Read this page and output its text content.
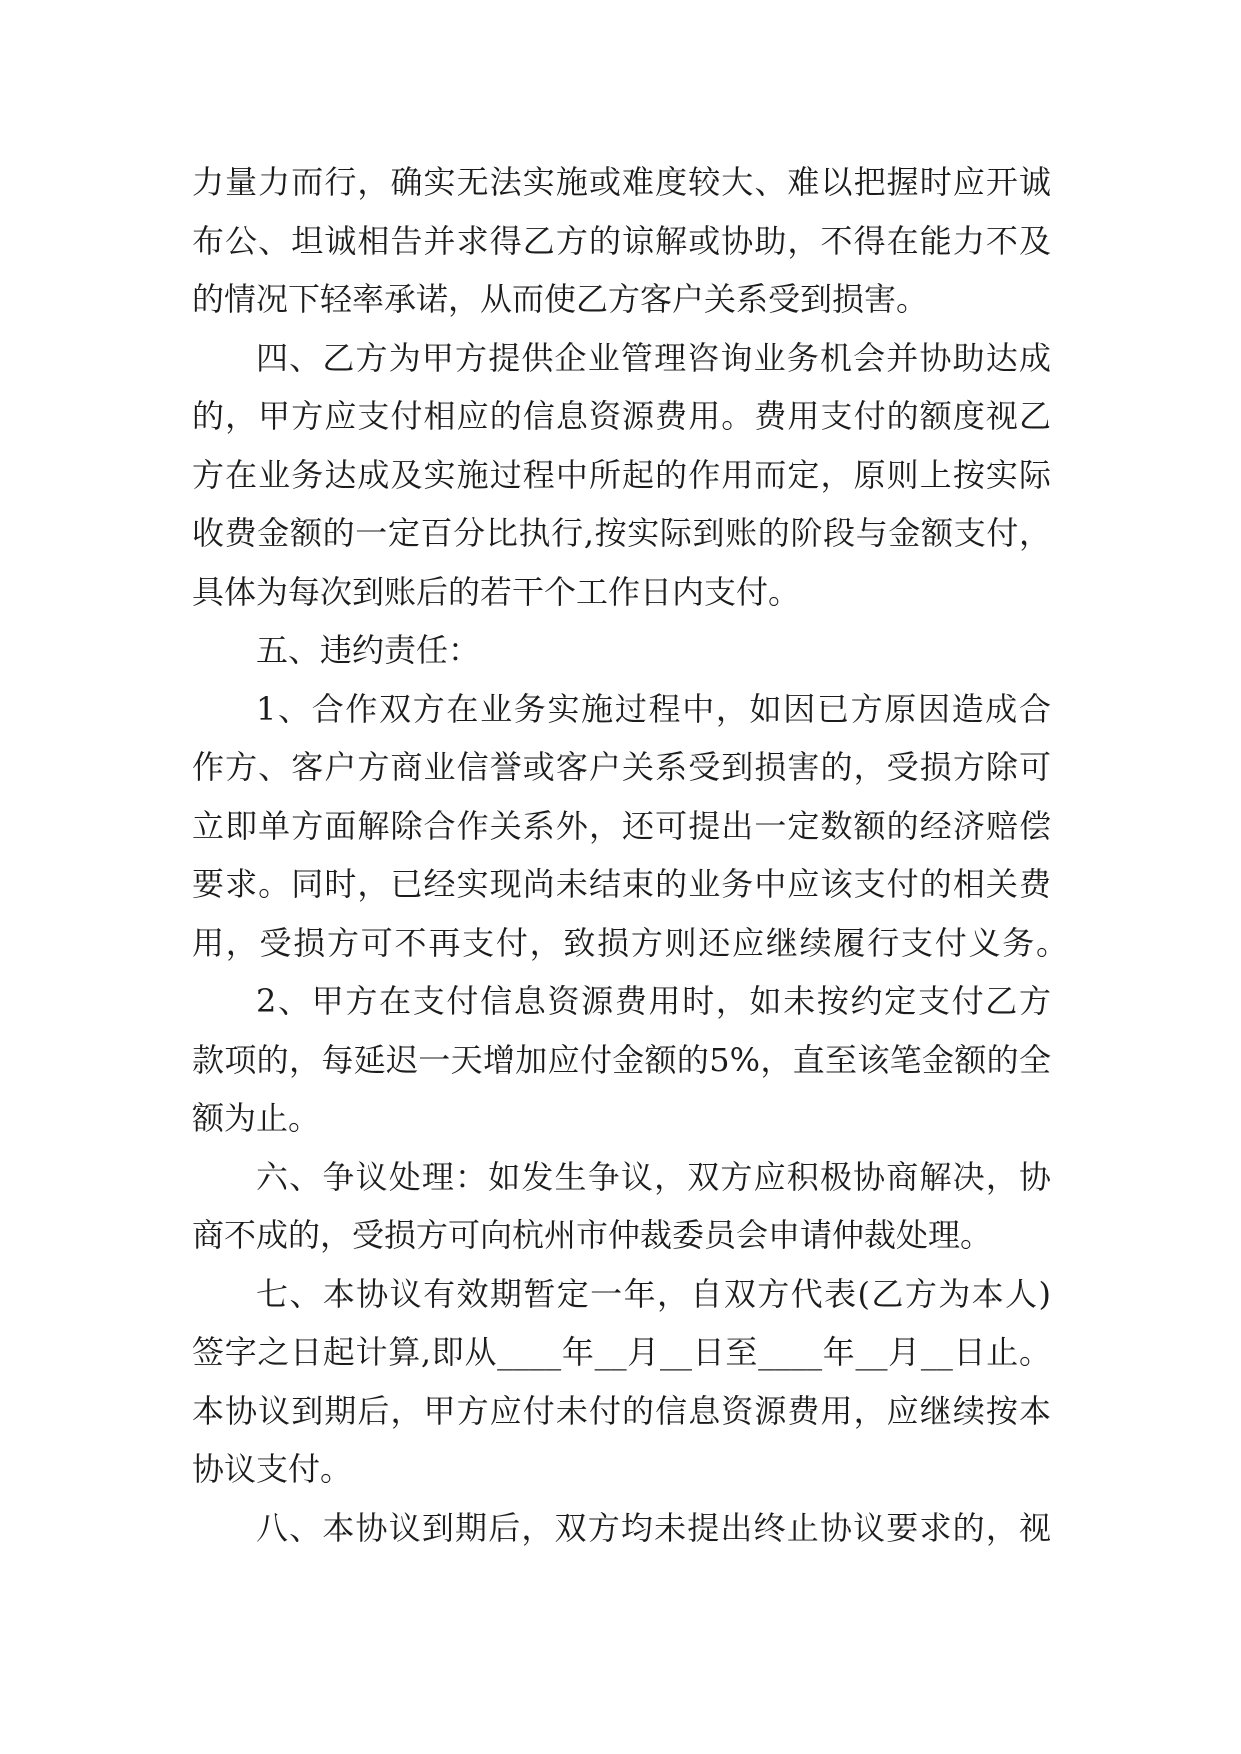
力量力而行，确实无法实施或难度较大、难以把握时应开诚
布公、坦诚相告并求得乙方的谅解或协助，不得在能力不及
的情况下轻率承诺，从而使乙方客户关系受到损害。
四、乙方为甲方提供企业管理咨询业务机会并协助达成
的，甲方应支付相应的信息资源费用。费用支付的额度视乙
方在业务达成及实施过程中所起的作用而定，原则上按实际
收费金额的一定百分比执行,按实际到账的阶段与金额支付，
具体为每次到账后的若干个工作日内支付。
五、违约责任：
1、合作双方在业务实施过程中，如因已方原因造成合
作方、客户方商业信誉或客户关系受到损害的，受损方除可
立即单方面解除合作关系外，还可提出一定数额的经济赔偿
要求。同时，已经实现尚未结束的业务中应该支付的相关费
用，受损方可不再支付，致损方则还应继续履行支付义务。
2、甲方在支付信息资源费用时，如未按约定支付乙方
款项的，每延迟一天增加应付金额的5%，直至该笔金额的全
额为止。
六、争议处理：如发生争议，双方应积极协商解决，协
商不成的，受损方可向杭州市仲裁委员会申请仲裁处理。
七、本协议有效期暂定一年，自双方代表(乙方为本人)
签字之日起计算,即从____年__月__日至____年__月__日止。
本协议到期后，甲方应付未付的信息资源费用，应继续按本
协议支付。
八、本协议到期后，双方均未提出终止协议要求的，视
